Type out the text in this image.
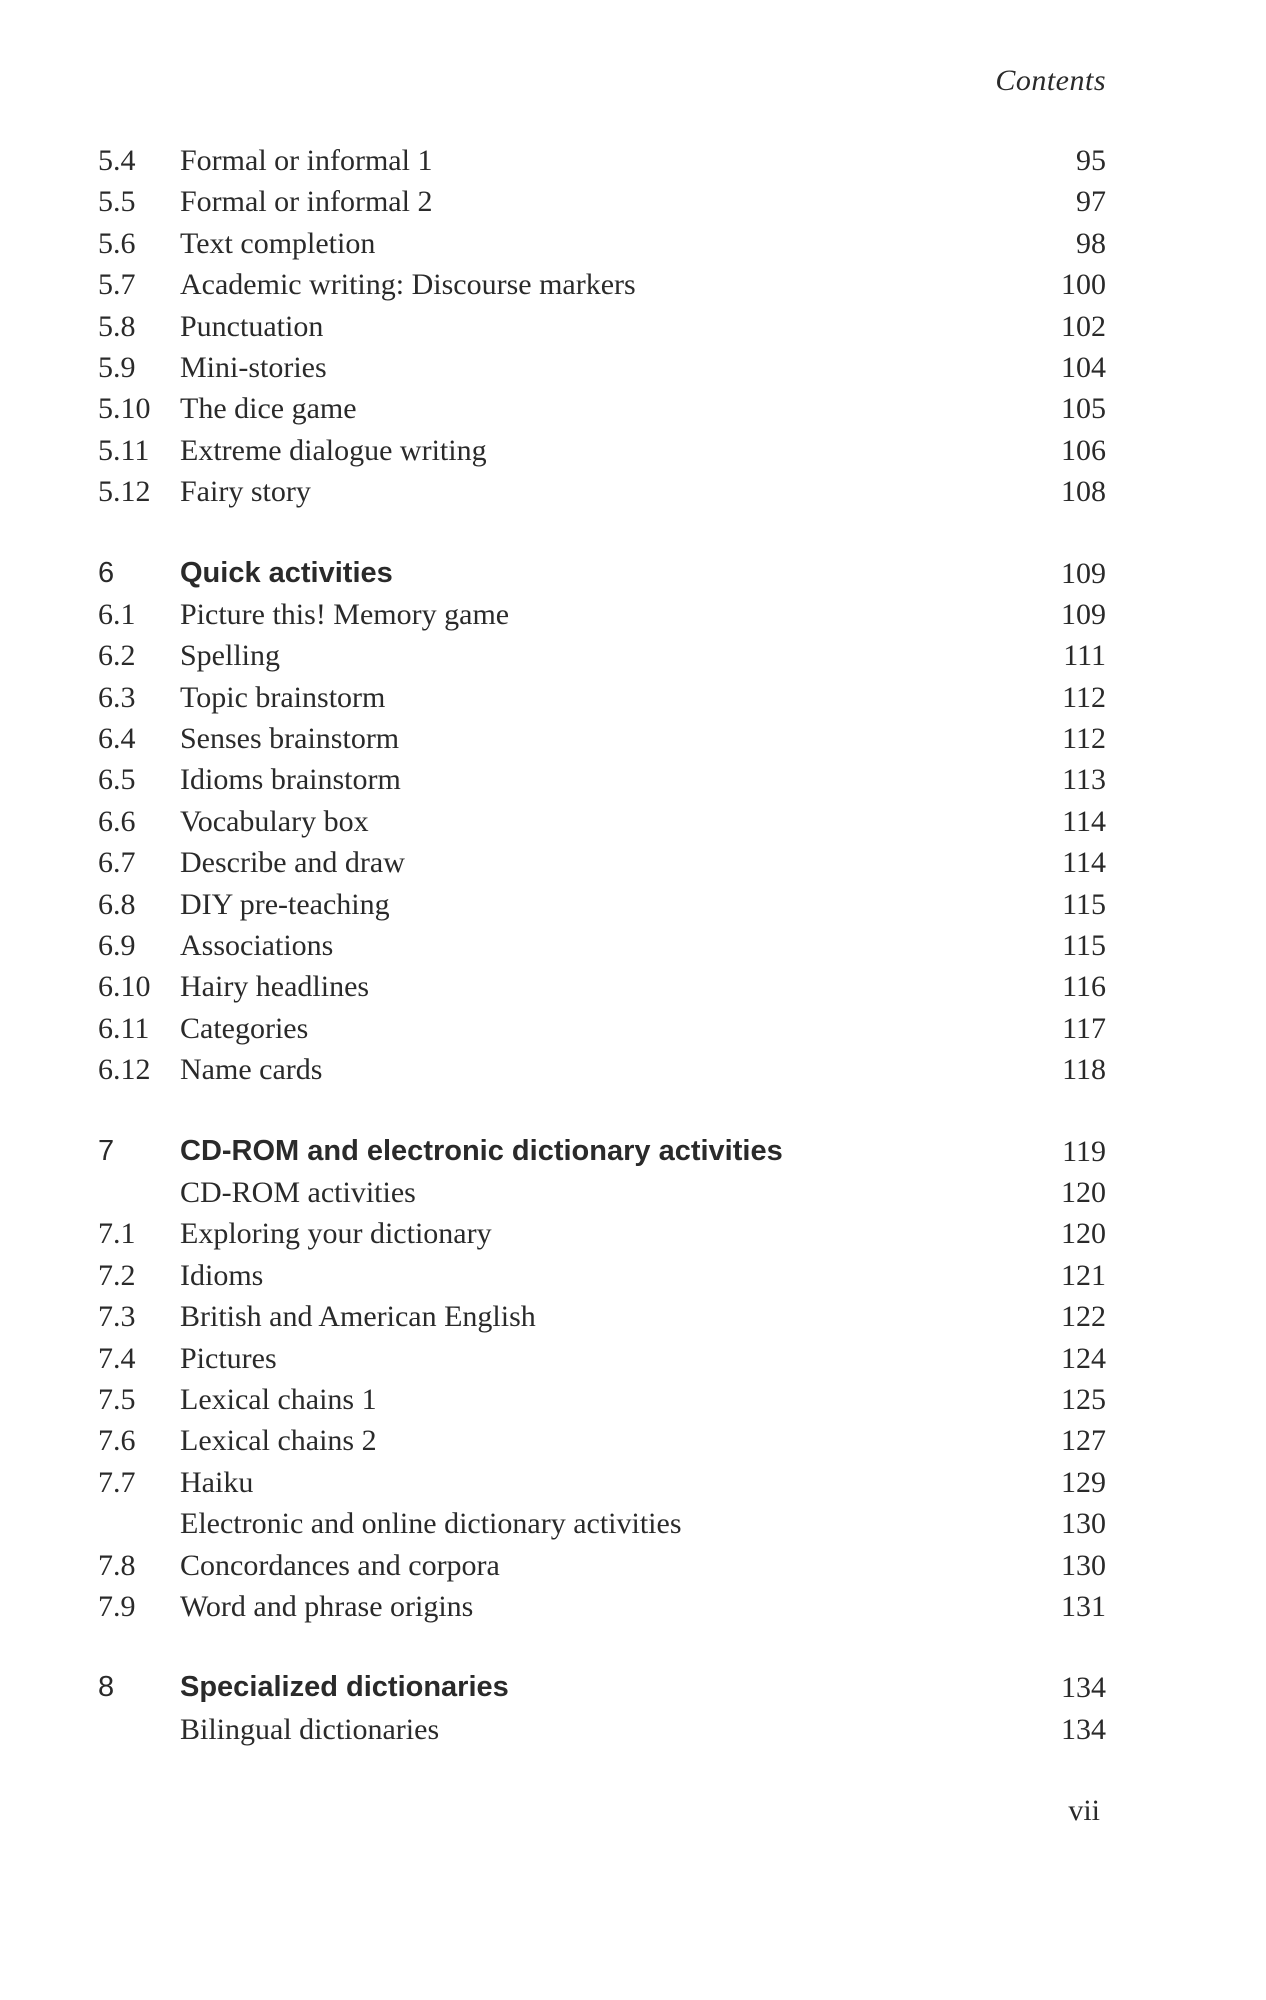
Contents
5.4	Formal or informal 1	95
5.5	Formal or informal 2	97
5.6	Text completion	98
5.7	Academic writing: Discourse markers	100
5.8	Punctuation	102
5.9	Mini-stories	104
5.10 The dice game	105
5.11	Extreme dialogue writing	106
5.12 Fairy story	108
6	Quick activities	109
6.1	Picture this! Memory game	109
6.2	Spelling	111
6.3	Topic brainstorm	112
6.4	Senses brainstorm	112
6.5	Idioms brainstorm	113
6.6	Vocabulary box	114
6.7	Describe and draw	114
6.8	DIY pre-teaching	115
6.9	Associations	115
6.10 Hairy headlines	116
6.11	Categories	117
6.12 Name cards	118
7	CD-ROM and electronic dictionary activities	119
CD-ROM activities	120
7.1	Exploring your dictionary	120
7.2	Idioms	121
7.3	British and American English	122
7.4	Pictures	124
7.5	Lexical chains 1	125
7.6	Lexical chains 2	127
7.7	Haiku	129
Electronic and online dictionary activities	130
7.8	Concordances and corpora	130
7.9	Word and phrase origins	131
8	Specialized dictionaries	134
Bilingual dictionaries	134
vii
